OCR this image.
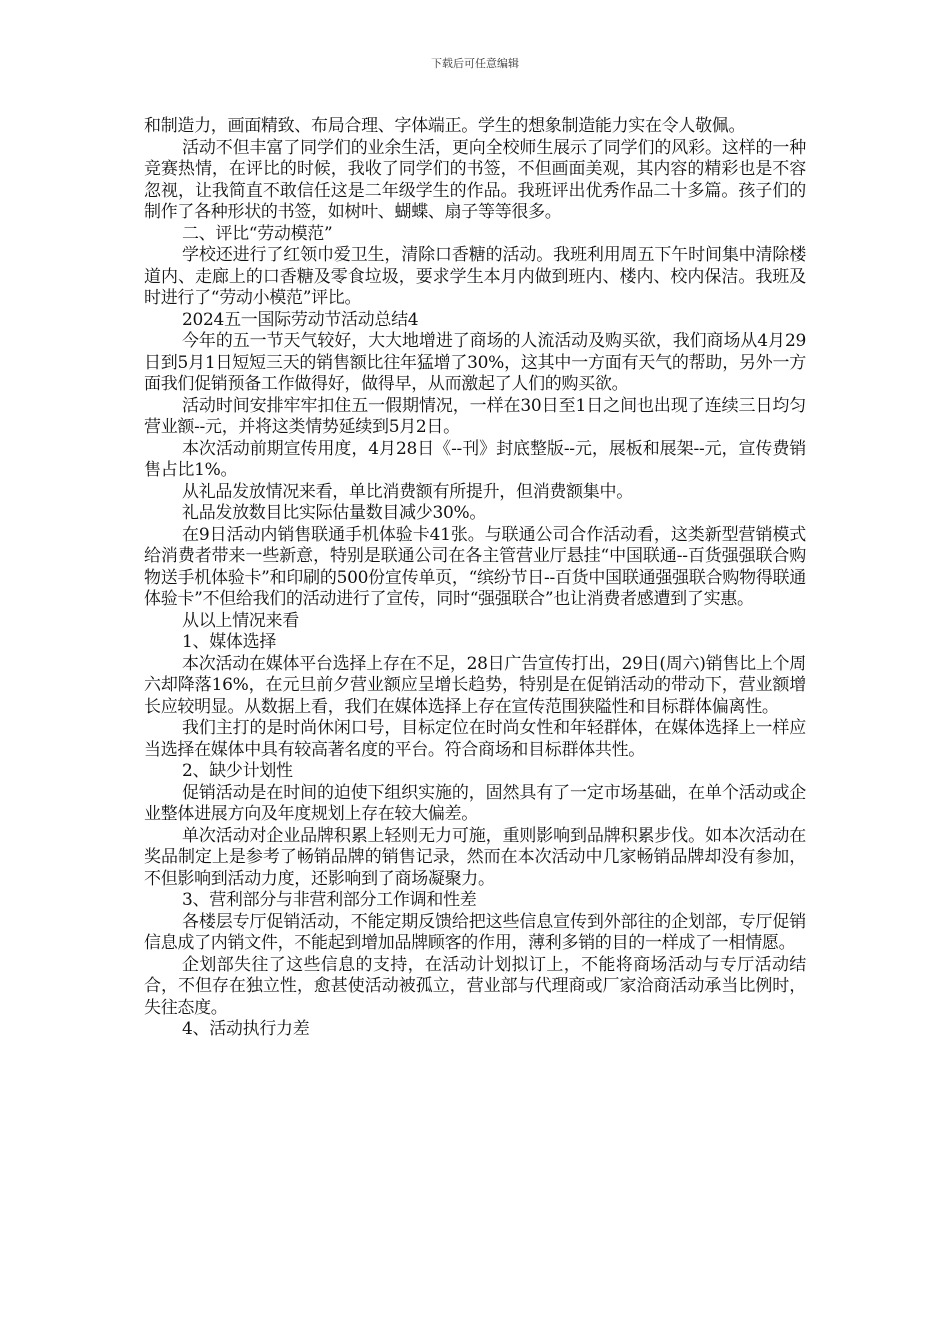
下载后可任意编辑

和制造力，画面精致、布局合理、字体端正。学生的想象制造能力实在令人敬佩。

活动不但丰富了同学们的业余生活，更向全校师生展示了同学们的风彩。这样的一种竞赛热情，在评比的时候，我收了同学们的书签，不但画面美观，其内容的精彩也是不容忽视，让我简直不敢信任这是二年级学生的作品。我班评出优秀作品二十多篇。孩子们的制作了各种形状的书签，如树叶、蝴蝶、扇子等等很多。

二、评比“劳动模范”

学校还进行了红领巾爱卫生，清除口香糖的活动。我班利用周五下午时间集中清除楼道内、走廊上的口香糖及零食垃圾，要求学生本月内做到班内、楼内、校内保洁。我班及时进行了“劳动小模范”评比。

2024五一国际劳动节活动总结4

今年的五一节天气较好，大大地增进了商场的人流活动及购买欲，我们商场从4月29日到5月1日短短三天的销售额比往年猛增了30%，这其中一方面有天气的帮助，另外一方面我们促销预备工作做得好，做得早，从而激起了人们的购买欲。

活动时间安排牢牢扣住五一假期情况，一样在30日至1日之间也出现了连续三日均匀营业额--元，并将这类情势延续到5月2日。

本次活动前期宣传用度，4月28日《--刊》封底整版--元，展板和展架--元，宣传费销售占比1%。

从礼品发放情况来看，单比消费额有所提升，但消费额集中。

礼品发放数目比实际估量数目减少30%。

在9日活动内销售联通手机体验卡41张。与联通公司合作活动看，这类新型营销模式给消费者带来一些新意，特别是联通公司在各主管营业厅悬挂“中国联通--百货强强联合购物送手机体验卡”和印刷的500份宣传单页，“缤纷节日--百货中国联通强强联合购物得联通体验卡”不但给我们的活动进行了宣传，同时“强强联合”也让消费者感遭到了实惠。

从以上情况来看

1、媒体选择

本次活动在媒体平台选择上存在不足，28日广告宣传打出，29日(周六)销售比上个周六却降落16%，在元旦前夕营业额应呈增长趋势，特别是在促销活动的带动下，营业额增长应较明显。从数据上看，我们在媒体选择上存在宣传范围狭隘性和目标群体偏离性。

我们主打的是时尚休闲口号，目标定位在时尚女性和年轻群体，在媒体选择上一样应当选择在媒体中具有较高著名度的平台。符合商场和目标群体共性。

2、缺少计划性

促销活动是在时间的迫使下组织实施的，固然具有了一定市场基础，在单个活动或企业整体进展方向及年度规划上存在较大偏差。

单次活动对企业品牌积累上轻则无力可施，重则影响到品牌积累步伐。如本次活动在奖品制定上是参考了畅销品牌的销售记录，然而在本次活动中几家畅销品牌却没有参加，不但影响到活动力度，还影响到了商场凝聚力。

3、营利部分与非营利部分工作调和性差

各楼层专厅促销活动，不能定期反馈给把这些信息宣传到外部往的企划部，专厅促销信息成了内销文件，不能起到增加品牌顾客的作用，薄利多销的目的一样成了一相情愿。

企划部失往了这些信息的支持，在活动计划拟订上，不能将商场活动与专厅活动结合，不但存在独立性，愈甚使活动被孤立，营业部与代理商或厂家洽商活动承当比例时，失往态度。

4、活动执行力差
